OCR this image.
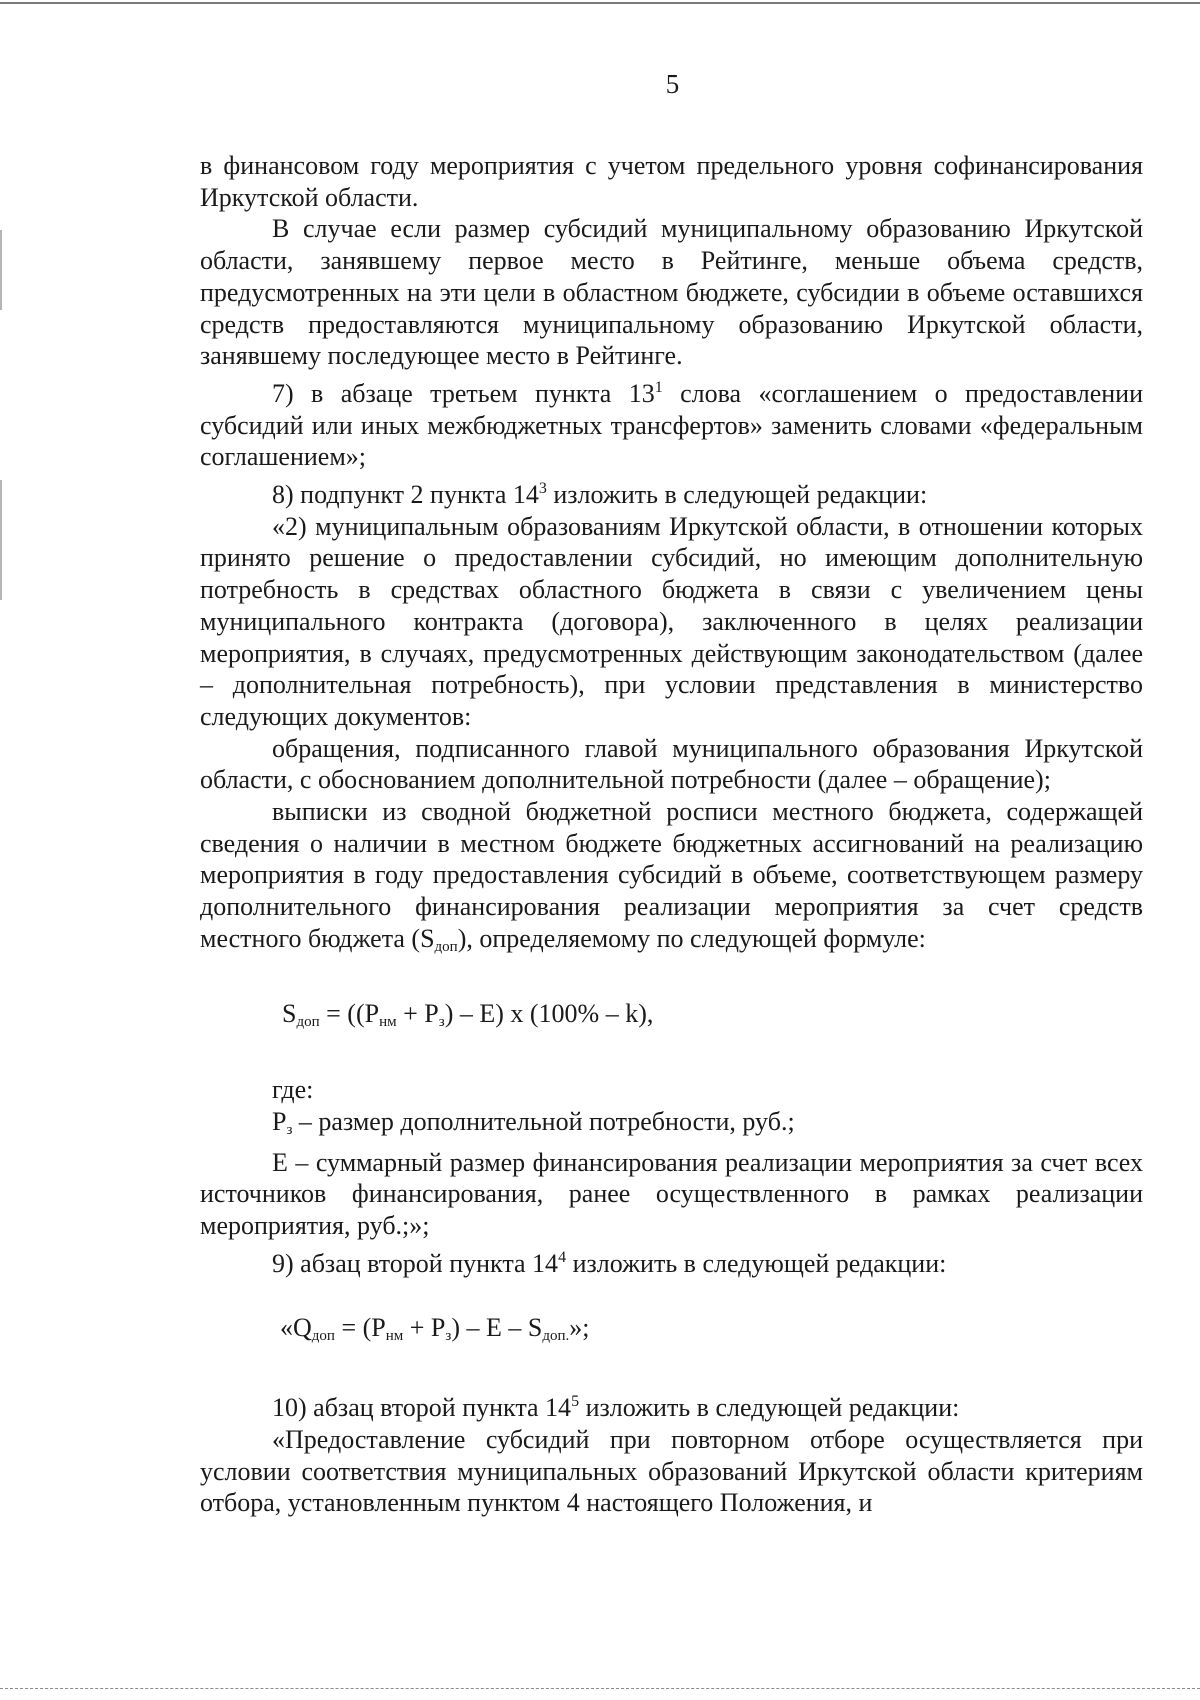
5

в финансовом году мероприятия с учетом предельного уровня софинансирования Иркутской области.

В случае если размер субсидий муниципальному образованию Иркутской области, занявшему первое место в Рейтинге, меньше объема средств, предусмотренных на эти цели в областном бюджете, субсидии в объеме оставшихся средств предоставляются муниципальному образованию Иркутской области, занявшему последующее место в Рейтинге.

7) в абзаце третьем пункта $13^1$ слова «соглашением о предоставлении субсидий или иных межбюджетных трансфертов» заменить словами «федеральным соглашением»;

8) подпункт 2 пункта $14^3$ изложить в следующей редакции:

«2) муниципальным образованиям Иркутской области, в отношении которых принято решение о предоставлении субсидий, но имеющим дополнительную потребность в средствах областного бюджета в связи с увеличением цены муниципального контракта (договора), заключенного в целях реализации мероприятия, в случаях, предусмотренных действующим законодательством (далее – дополнительная потребность), при условии представления в министерство следующих документов:

обращения, подписанного главой муниципального образования Иркутской области, с обоснованием дополнительной потребности (далее – обращение);

выписки из сводной бюджетной росписи местного бюджета, содержащей сведения о наличии в местном бюджете бюджетных ассигнований на реализацию мероприятия в году предоставления субсидий в объеме, соответствующем размеру дополнительного финансирования реализации мероприятия за счет средств местного бюджета $(S_{доп})$, определяемому по следующей формуле:

$S_{доп} = ((Р_{нм} + Р_з) - Е)$ х (100% – k),

где:

$Р_з$ – размер дополнительной потребности, руб.;

Е – суммарный размер финансирования реализации мероприятия за счет всех источников финансирования, ранее осуществленного в рамках реализации мероприятия, руб.;»;

9) абзац второй пункта $14^4$ изложить в следующей редакции:

«$Q_{доп} = (Р_{нм} + Р_з) - Е - S_{доп.}$»;

10) абзац второй пункта $14^5$ изложить в следующей редакции:

«Предоставление субсидий при повторном отборе осуществляется при условии соответствия муниципальных образований Иркутской области критериям отбора, установленным пунктом 4 настоящего Положения, и
